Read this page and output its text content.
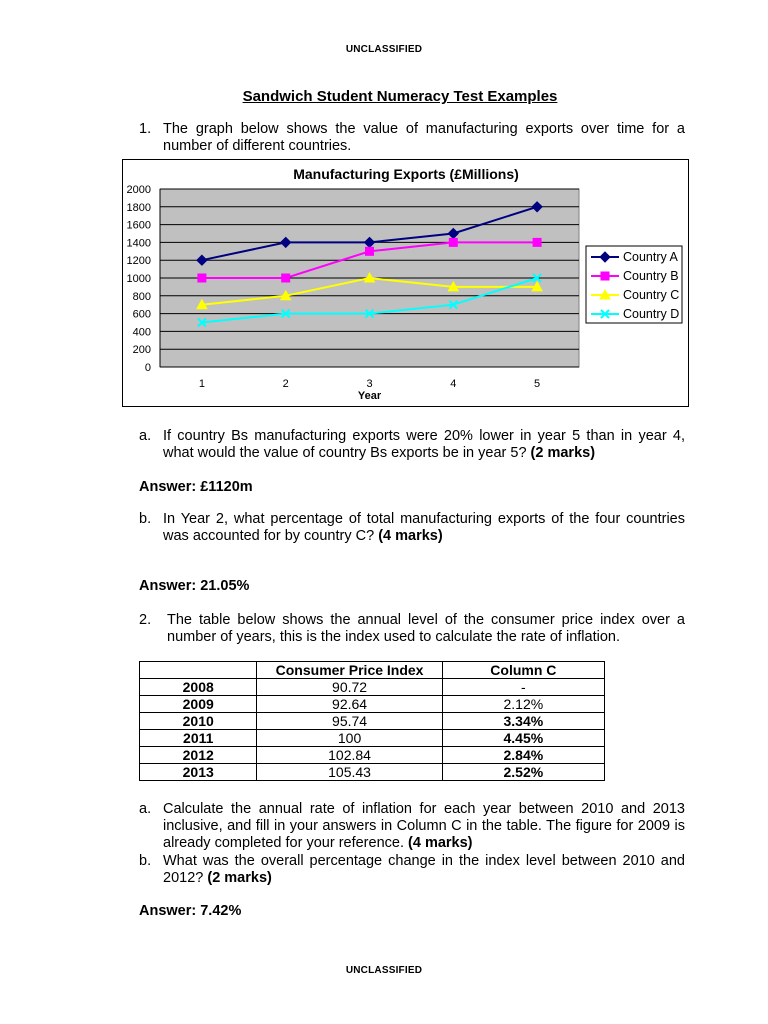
UNCLASSIFIED
Sandwich Student Numeracy Test Examples
1. The graph below shows the value of manufacturing exports over time for a number of different countries.
Manufacturing Exports (£Millions)
0
200
400
600
800
1000
1200
1400
1600
1800
2000
1	2	3	4	5
Year
Country A
Country B
Country C
Country D
a. If country Bs manufacturing exports were 20% lower in year 5 than in year 4, what would the value of country Bs exports be in year 5? (2 marks)
Answer: £1120m
b. In Year 2, what percentage of total manufacturing exports of the four countries was accounted for by country C? (4 marks)
Answer: 21.05%
2. The table below shows the annual level of the consumer price index over a number of years, this is the index used to calculate the rate of inflation.
	Consumer Price Index	Column C
2008	90.72	-
2009	92.64	2.12%
2010	95.74	3.34%
2011	100	4.45%
2012	102.84	2.84%
2013	105.43	2.52%
a. Calculate the annual rate of inflation for each year between 2010 and 2013 inclusive, and fill in your answers in Column C in the table. The figure for 2009 is already completed for your reference. (4 marks)
b. What was the overall percentage change in the index level between 2010 and 2012? (2 marks)
Answer: 7.42%
UNCLASSIFIED
